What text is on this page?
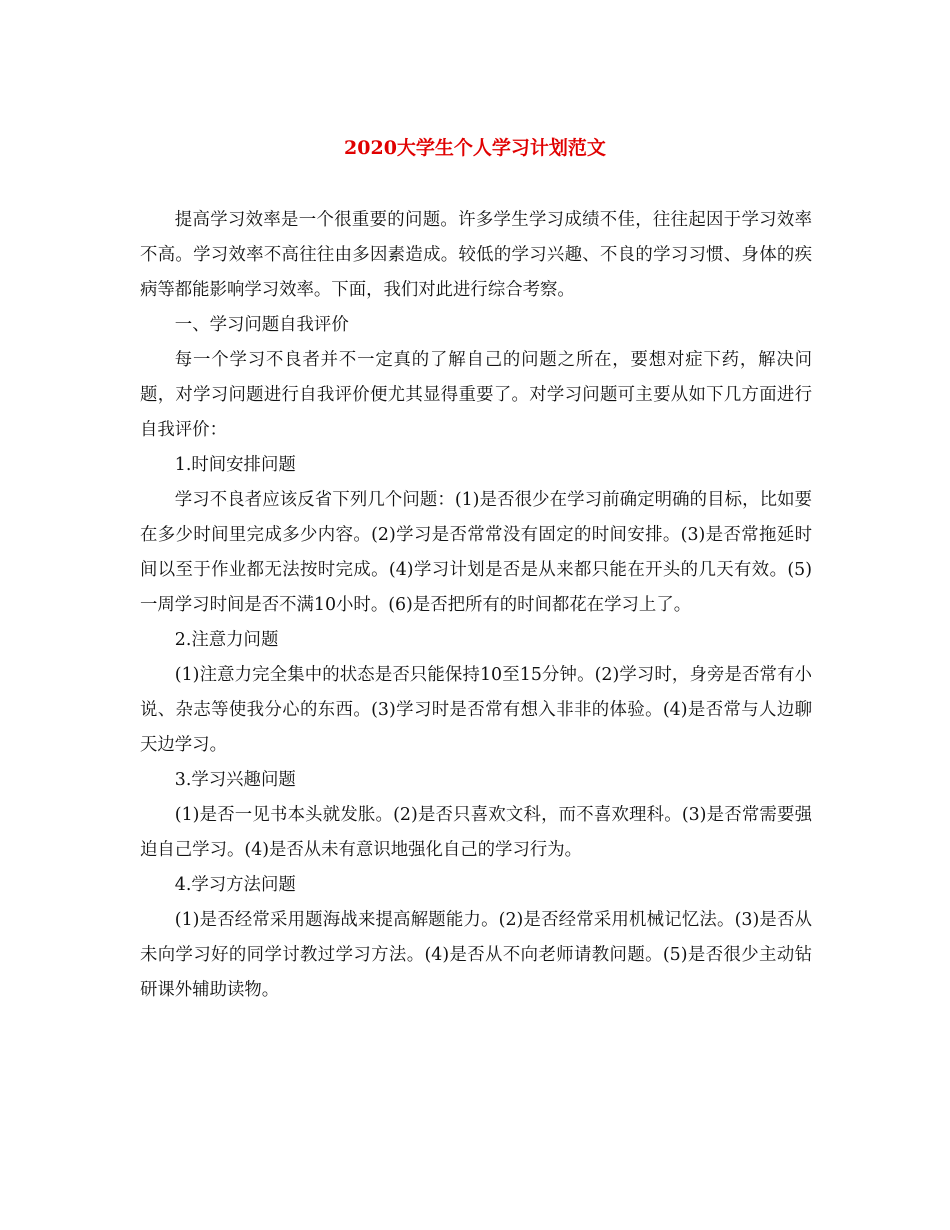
2020大学生个人学习计划范文

提高学习效率是一个很重要的问题。许多学生学习成绩不佳，往往起因于学习效率不高。学习效率不高往往由多因素造成。较低的学习兴趣、不良的学习习惯、身体的疾病等都能影响学习效率。下面，我们对此进行综合考察。

一、学习问题自我评价

每一个学习不良者并不一定真的了解自己的问题之所在，要想对症下药，解决问题，对学习问题进行自我评价便尤其显得重要了。对学习问题可主要从如下几方面进行自我评价：

1.时间安排问题

学习不良者应该反省下列几个问题：(1)是否很少在学习前确定明确的目标，比如要在多少时间里完成多少内容。(2)学习是否常常没有固定的时间安排。(3)是否常拖延时间以至于作业都无法按时完成。(4)学习计划是否是从来都只能在开头的几天有效。(5)一周学习时间是否不满10小时。(6)是否把所有的时间都花在学习上了。

2.注意力问题

(1)注意力完全集中的状态是否只能保持10至15分钟。(2)学习时，身旁是否常有小说、杂志等使我分心的东西。(3)学习时是否常有想入非非的体验。(4)是否常与人边聊天边学习。

3.学习兴趣问题

(1)是否一见书本头就发胀。(2)是否只喜欢文科，而不喜欢理科。(3)是否常需要强迫自己学习。(4)是否从未有意识地强化自己的学习行为。

4.学习方法问题

(1)是否经常采用题海战来提高解题能力。(2)是否经常采用机械记忆法。(3)是否从未向学习好的同学讨教过学习方法。(4)是否从不向老师请教问题。(5)是否很少主动钻研课外辅助读物。
